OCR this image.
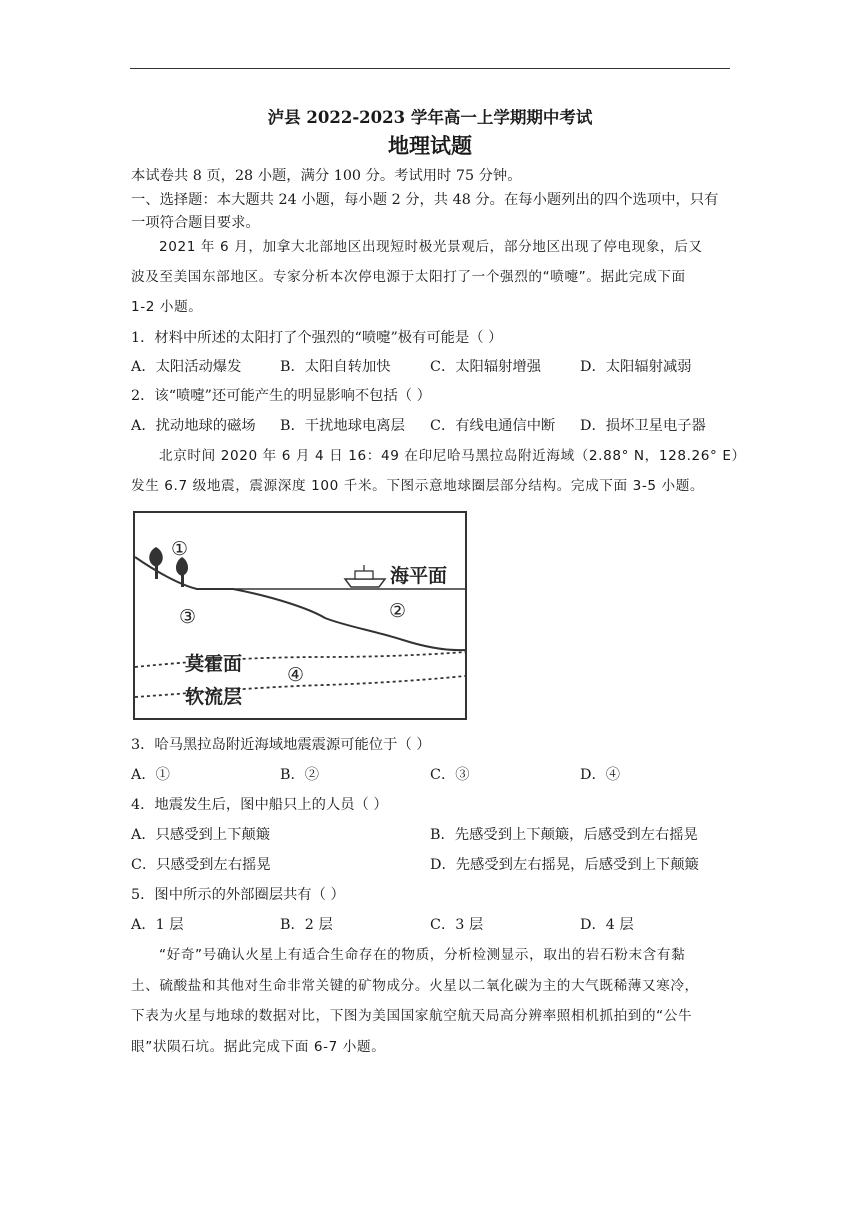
泸县 2022-2023 学年高一上学期期中考试
地理试题
本试卷共 8 页，28 小题，满分 100 分。考试用时 75 分钟。
一、选择题：本大题共 24 小题，每小题 2 分，共 48 分。在每小题列出的四个选项中，只有
一项符合题目要求。
2021 年 6 月，加拿大北部地区出现短时极光景观后，部分地区出现了停电现象，后又
波及至美国东部地区。专家分析本次停电源于太阳打了一个强烈的“喷嚏”。据此完成下面
1-2 小题。
1．材料中所述的太阳打了个强烈的“喷嚏”极有可能是（ ）
A．太阳活动爆发	B．太阳自转加快	C．太阳辐射增强	D．太阳辐射减弱
2．该“喷嚏”还可能产生的明显影响不包括（ ）
A．扰动地球的磁场 B．干扰地球电离层 C．有线电通信中断 D．损坏卫星电子器
北京时间 2020 年 6 月 4 日 16：49 在印尼哈马黑拉岛附近海域（2.88° N，128.26° E）
发生 6.7 级地震，震源深度 100 千米。下图示意地球圈层部分结构。完成下面 3-5 小题。
①
③	②
④
海平面
莫霍面
软流层
3．哈马黑拉岛附近海域地震震源可能位于（ ）
A．①	B．②	C．③	D．④
4．地震发生后，图中船只上的人员（ ）
A．只感受到上下颠簸	B．先感受到上下颠簸，后感受到左右摇晃
C．只感受到左右摇晃	D．先感受到左右摇晃，后感受到上下颠簸
5．图中所示的外部圈层共有（ ）
A．1 层	B．2 层	C．3 层	D．4 层
“好奇”号确认火星上有适合生命存在的物质，分析检测显示，取出的岩石粉末含有黏
土、硫酸盐和其他对生命非常关键的矿物成分。火星以二氧化碳为主的大气既稀薄又寒冷，
下表为火星与地球的数据对比，下图为美国国家航空航天局高分辨率照相机抓拍到的“公牛
眼”状陨石坑。据此完成下面 6-7 小题。
